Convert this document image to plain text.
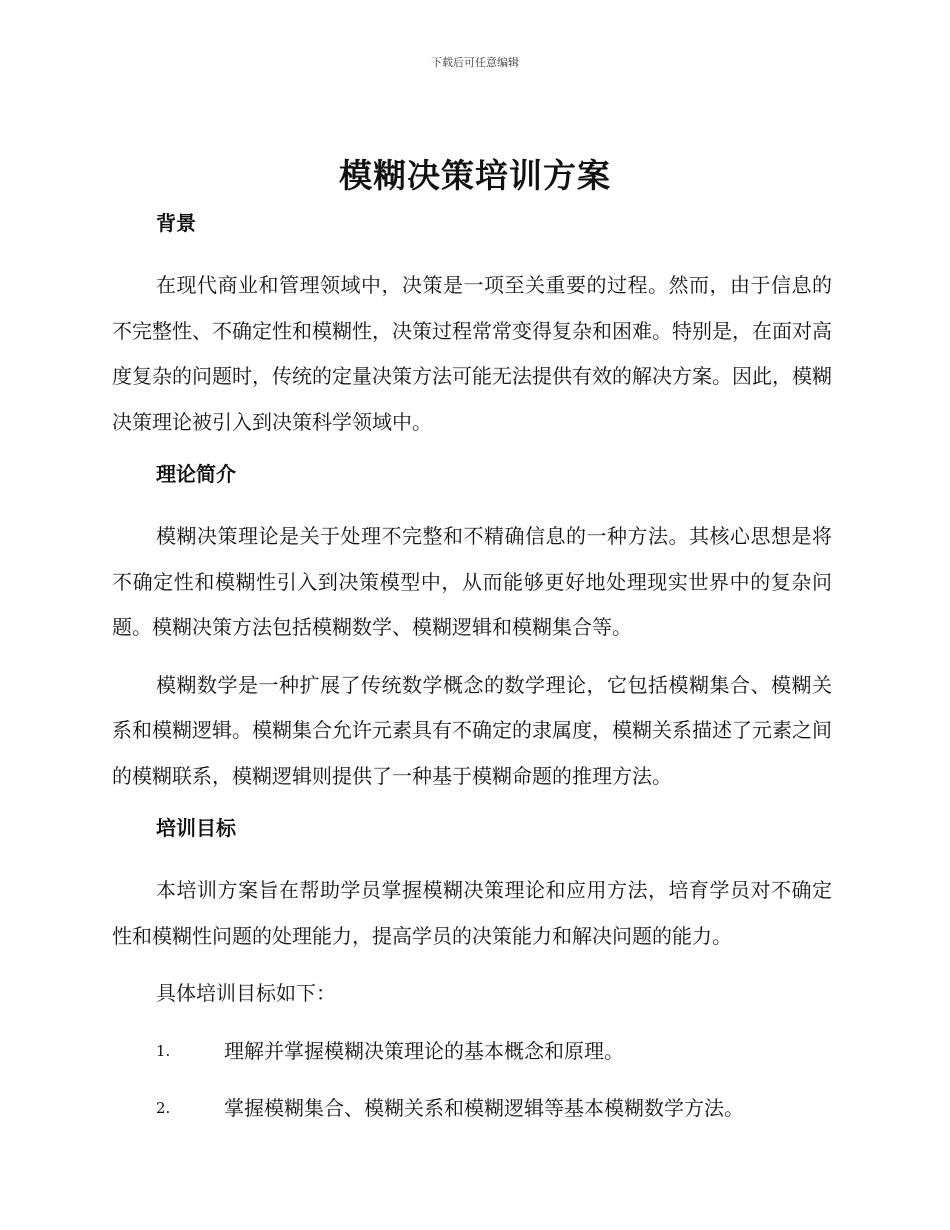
下载后可任意编辑
模糊决策培训方案
背景

在现代商业和管理领域中，决策是一项至关重要的过程。然而，由于信息的不完整性、不确定性和模糊性，决策过程常常变得复杂和困难。特别是，在面对高度复杂的问题时，传统的定量决策方法可能无法提供有效的解决方案。因此，模糊决策理论被引入到决策科学领域中。

理论简介

模糊决策理论是关于处理不完整和不精确信息的一种方法。其核心思想是将不确定性和模糊性引入到决策模型中，从而能够更好地处理现实世界中的复杂问题。模糊决策方法包括模糊数学、模糊逻辑和模糊集合等。

模糊数学是一种扩展了传统数学概念的数学理论，它包括模糊集合、模糊关系和模糊逻辑。模糊集合允许元素具有不确定的隶属度，模糊关系描述了元素之间的模糊联系，模糊逻辑则提供了一种基于模糊命题的推理方法。

培训目标

本培训方案旨在帮助学员掌握模糊决策理论和应用方法，培育学员对不确定性和模糊性问题的处理能力，提高学员的决策能力和解决问题的能力。

具体培训目标如下：

1.	理解并掌握模糊决策理论的基本概念和原理。
2.	掌握模糊集合、模糊关系和模糊逻辑等基本模糊数学方法。
